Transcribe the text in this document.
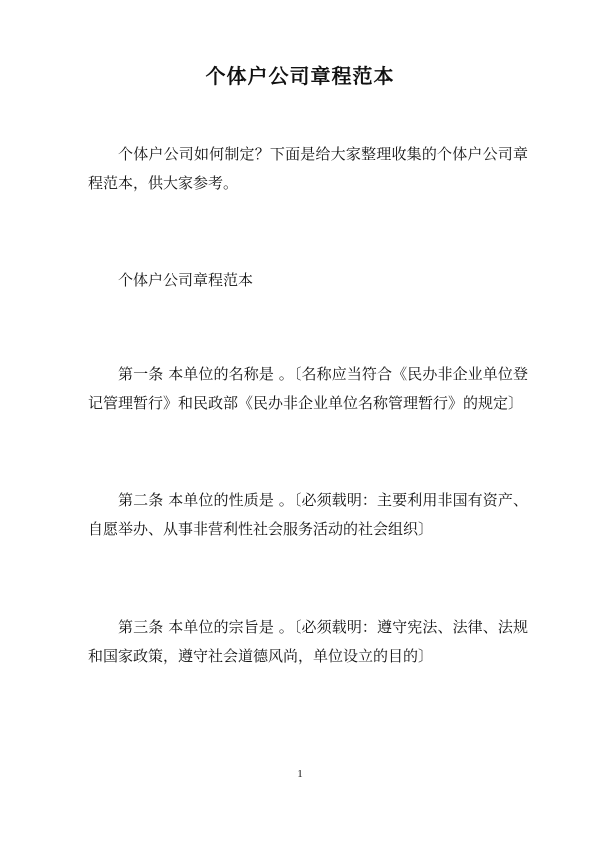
个体户公司章程范本

个体户公司如何制定？下面是给大家整理收集的个体户公司章程范本，供大家参考。

个体户公司章程范本

第一条 本单位的名称是 。〔名称应当符合《民办非企业单位登记管理暂行》和民政部《民办非企业单位名称管理暂行》的规定〕

第二条 本单位的性质是 。〔必须载明：主要利用非国有资产、自愿举办、从事非营利性社会服务活动的社会组织〕

第三条 本单位的宗旨是 。〔必须载明：遵守宪法、法律、法规和国家政策，遵守社会道德风尚，单位设立的目的〕

1
